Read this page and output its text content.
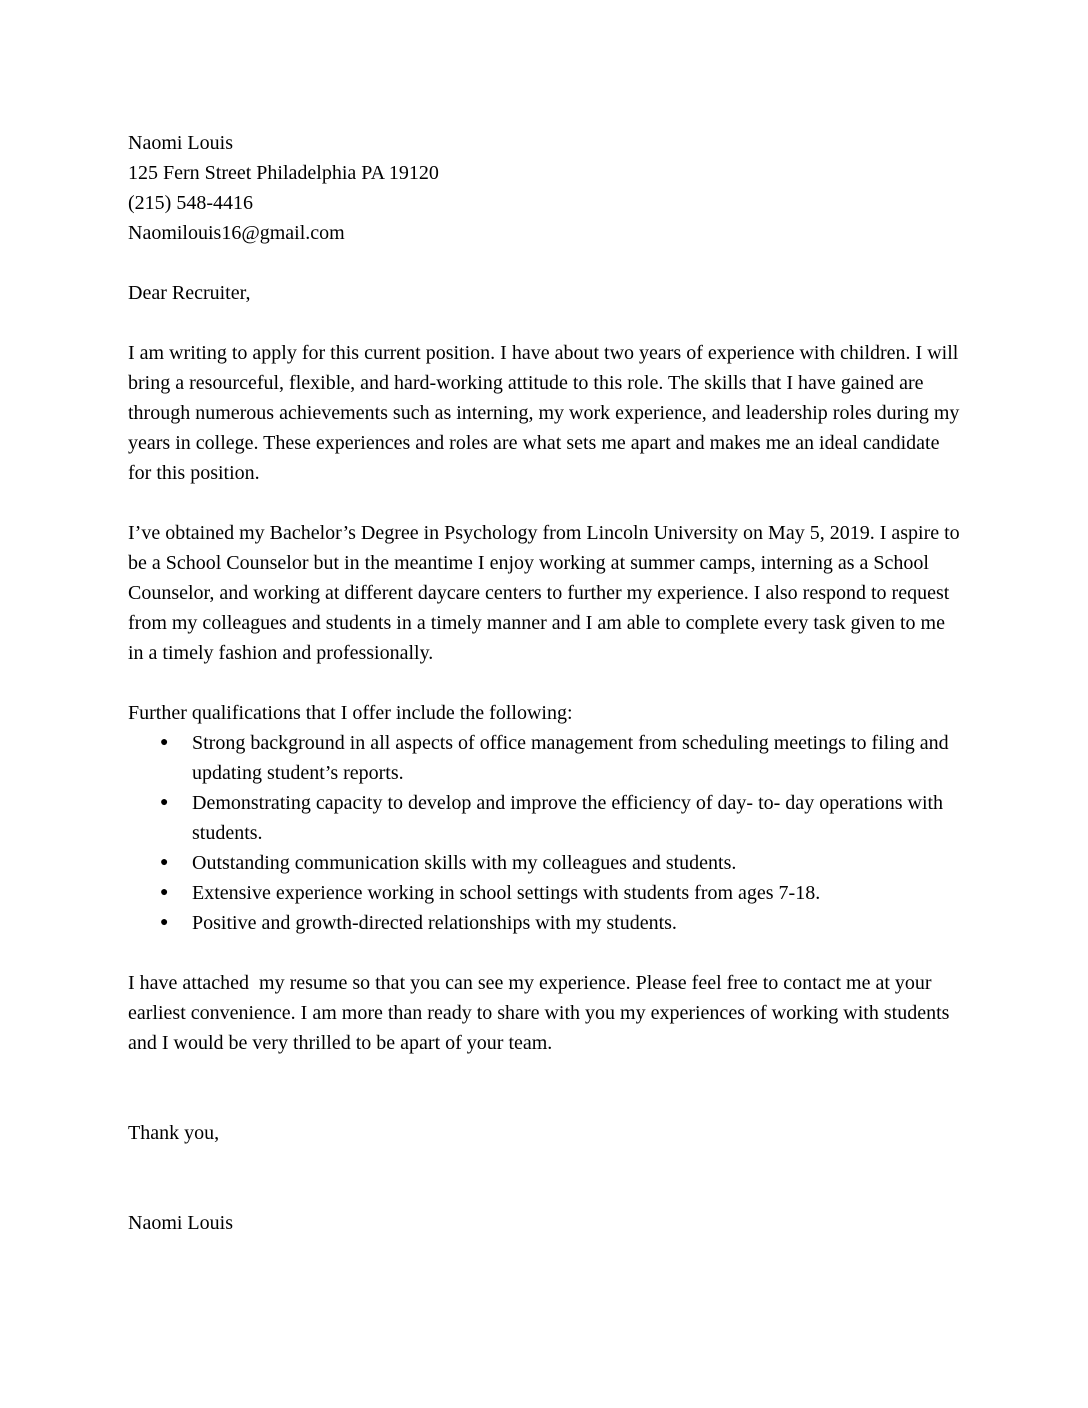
Naomi Louis
125 Fern Street Philadelphia PA 19120
(215) 548-4416
Naomilouis16@gmail.com

Dear Recruiter,

I am writing to apply for this current position. I have about two years of experience with children. I will bring a resourceful, flexible, and hard-working attitude to this role. The skills that I have gained are through numerous achievements such as interning, my work experience, and leadership roles during my years in college. These experiences and roles are what sets me apart and makes me an ideal candidate for this position.

I’ve obtained my Bachelor’s Degree in Psychology from Lincoln University on May 5, 2019. I aspire to be a School Counselor but in the meantime I enjoy working at summer camps, interning as a School Counselor, and working at different daycare centers to further my experience. I also respond to request from my colleagues and students in a timely manner and I am able to complete every task given to me in a timely fashion and professionally.

Further qualifications that I offer include the following:

● Strong background in all aspects of office management from scheduling meetings to filing and updating student’s reports.
● Demonstrating capacity to develop and improve the efficiency of day- to- day operations with students.
● Outstanding communication skills with my colleagues and students.
● Extensive experience working in school settings with students from ages 7-18.
● Positive and growth-directed relationships with my students.

I have attached  my resume so that you can see my experience. Please feel free to contact me at your earliest convenience. I am more than ready to share with you my experiences of working with students and I would be very thrilled to be apart of your team.

Thank you,

Naomi Louis
